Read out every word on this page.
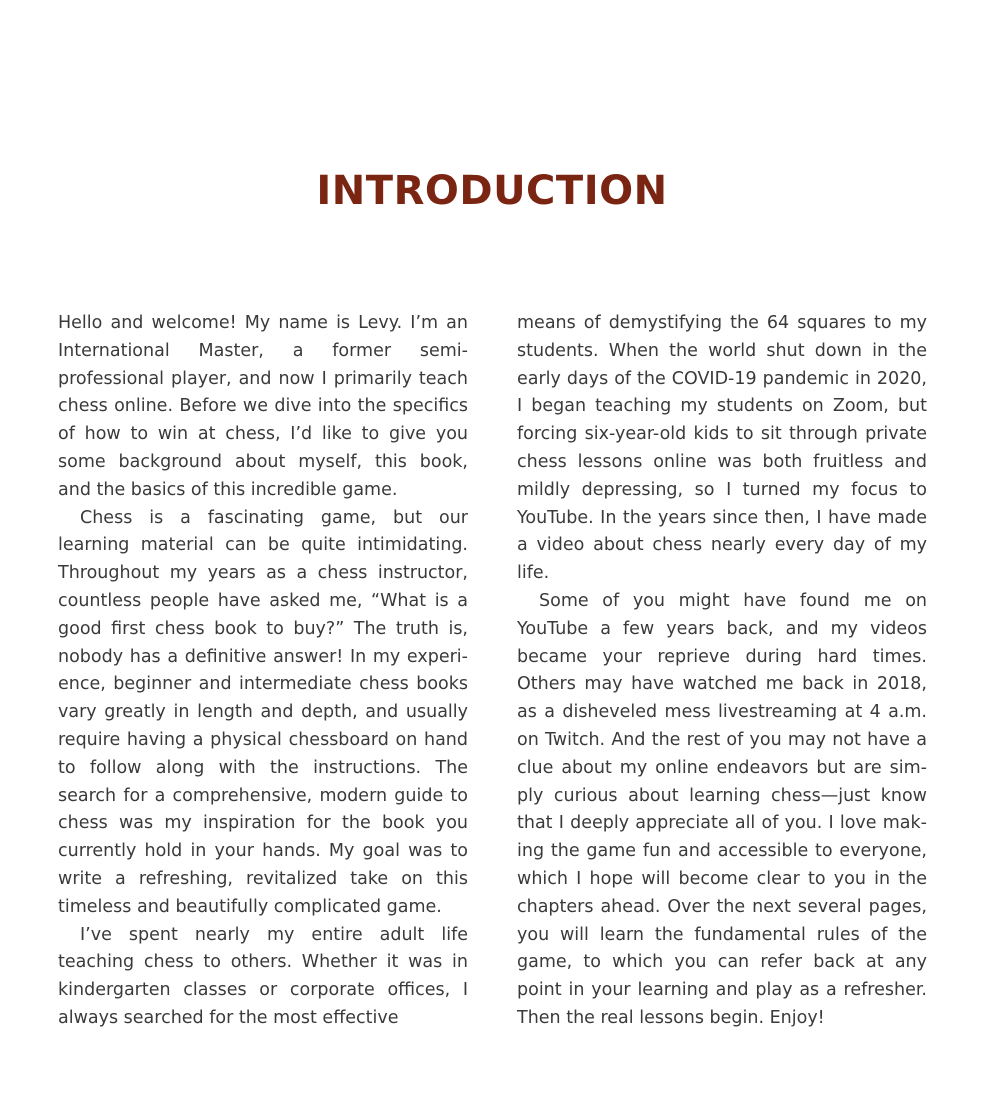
INTRODUCTION

Hello and welcome! My name is Levy. I’m an International Master, a former semi-professional player, and now I primarily teach chess online. Before we dive into the specifics of how to win at chess, I’d like to give you some background about myself, this book, and the basics of this incredible game.

Chess is a fascinating game, but our learning material can be quite intimidating. Throughout my years as a chess instructor, countless people have asked me, “What is a good first chess book to buy?” The truth is, nobody has a definitive answer! In my experience, beginner and intermediate chess books vary greatly in length and depth, and usually require having a physical chessboard on hand to follow along with the instructions. The search for a comprehensive, modern guide to chess was my inspiration for the book you currently hold in your hands. My goal was to write a refreshing, revitalized take on this timeless and beautifully complicated game.

I’ve spent nearly my entire adult life teaching chess to others. Whether it was in kindergarten classes or corporate offices, I always searched for the most effective

means of demystifying the 64 squares to my students. When the world shut down in the early days of the COVID-19 pandemic in 2020, I began teaching my students on Zoom, but forcing six-year-old kids to sit through private chess lessons online was both fruitless and mildly depressing, so I turned my focus to YouTube. In the years since then, I have made a video about chess nearly every day of my life.

Some of you might have found me on YouTube a few years back, and my videos became your reprieve during hard times. Others may have watched me back in 2018, as a disheveled mess livestreaming at 4 a.m. on Twitch. And the rest of you may not have a clue about my online endeavors but are simply curious about learning chess—just know that I deeply appreciate all of you. I love making the game fun and accessible to everyone, which I hope will become clear to you in the chapters ahead. Over the next several pages, you will learn the fundamental rules of the game, to which you can refer back at any point in your learning and play as a refresher. Then the real lessons begin. Enjoy!
